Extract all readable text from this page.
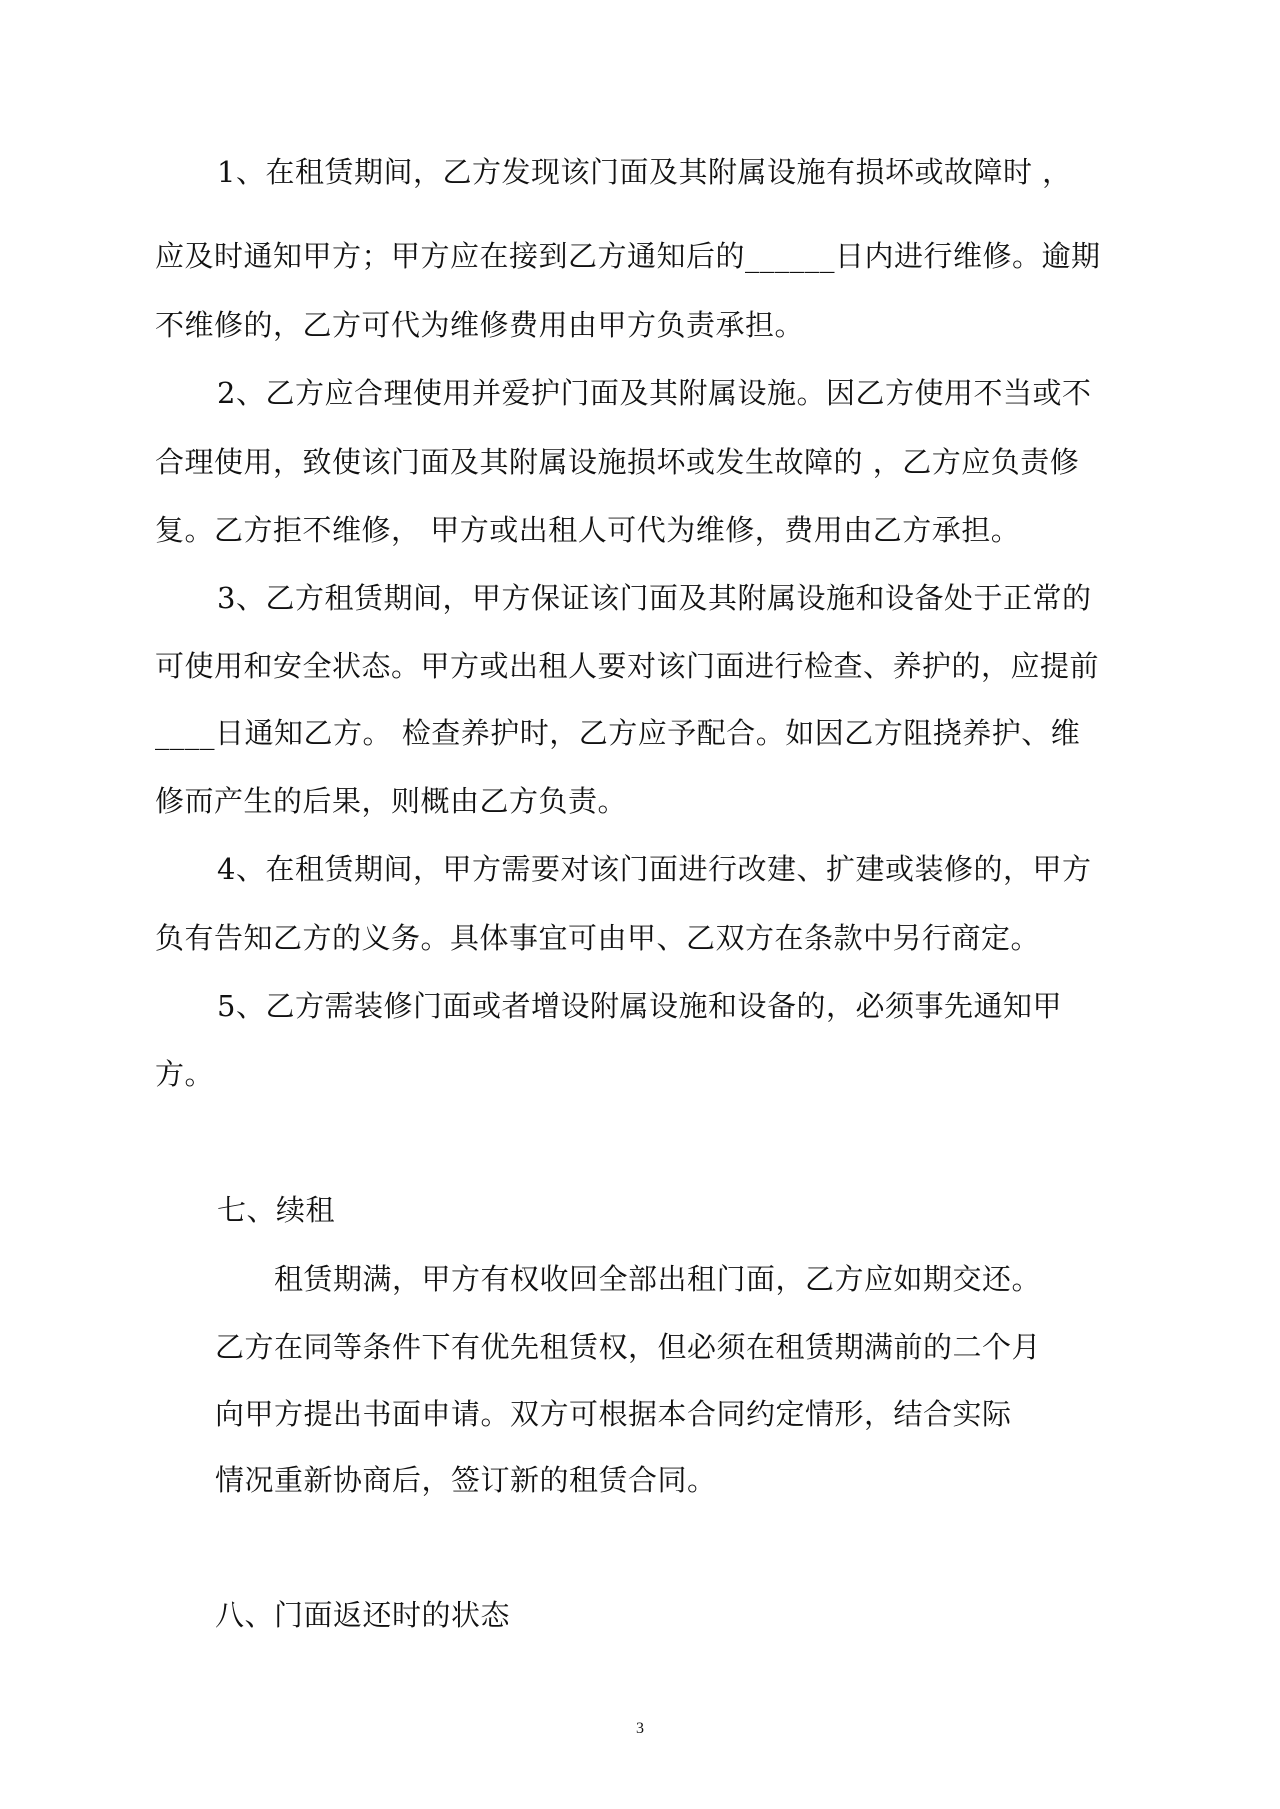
1、在租赁期间，乙方发现该门面及其附属设施有损坏或故障时 ，
应及时通知甲方；甲方应在接到乙方通知后的______日内进行维修。逾期
不维修的，乙方可代为维修费用由甲方负责承担。
2、乙方应合理使用并爱护门面及其附属设施。因乙方使用不当或不
合理使用，致使该门面及其附属设施损坏或发生故障的 ，乙方应负责修
复。乙方拒不维修， 甲方或出租人可代为维修，费用由乙方承担。
3、乙方租赁期间，甲方保证该门面及其附属设施和设备处于正常的
可使用和安全状态。甲方或出租人要对该门面进行检查、养护的，应提前
____日通知乙方。 检查养护时，乙方应予配合。如因乙方阻挠养护、维
修而产生的后果，则概由乙方负责。
4、在租赁期间，甲方需要对该门面进行改建、扩建或装修的，甲方
负有告知乙方的义务。具体事宜可由甲、乙双方在条款中另行商定。
5、乙方需装修门面或者增设附属设施和设备的，必须事先通知甲
方。
七、续租
租赁期满，甲方有权收回全部出租门面，乙方应如期交还。
乙方在同等条件下有优先租赁权，但必须在租赁期满前的二个月
向甲方提出书面申请。双方可根据本合同约定情形，结合实际
情况重新协商后，签订新的租赁合同。
八、门面返还时的状态
3
